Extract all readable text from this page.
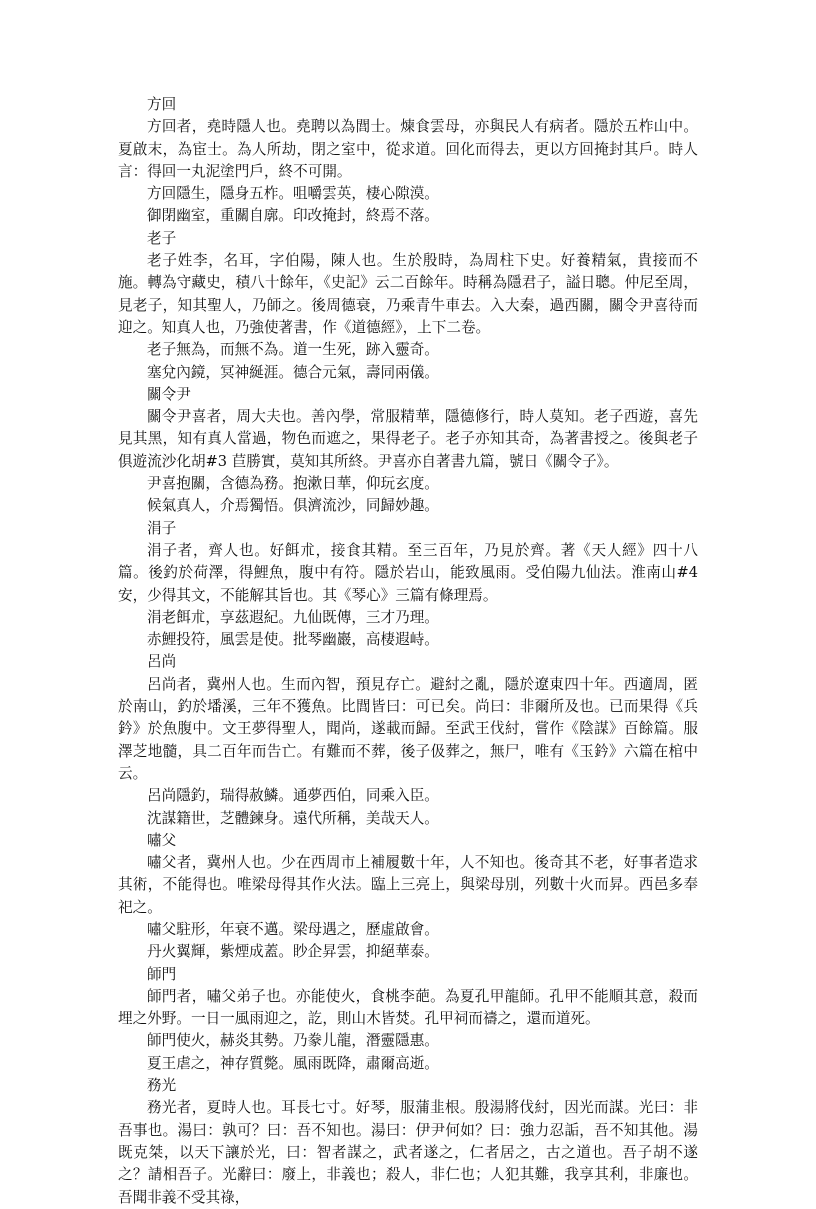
方回

方回者，堯時隱人也。堯聘以為閭士。煉食雲母，亦與民人有病者。隱於五柞山中。夏啟末，為宦士。為人所劫，閉之室中，從求道。回化而得去，更以方回掩封其戶。時人言：得回一丸泥塗門戶，終不可開。

方回隱生，隱身五柞。咀嚼雲英，棲心隙漠。

御閉幽室，重關自廓。印改掩封，終焉不落。

老子

老子姓李，名耳，字伯陽，陳人也。生於殷時，為周柱下史。好養精氣，貴接而不施。轉為守藏史，積八十餘年，《史記》云二百餘年。時稱為隱君子，謚日聰。仲尼至周，見老子，知其聖人，乃師之。後周德衰，乃乘青牛車去。入大秦，過西關，關令尹喜待而迎之。知真人也，乃強使著書，作《道德經》，上下二卷。

老子無為，而無不為。道一生死，跡入靈奇。

塞兌內鏡，冥神綖涯。德合元氣，壽同兩儀。

關令尹

關令尹喜者，周大夫也。善內學，常服精華，隱德修行，時人莫知。老子西遊，喜先見其黑，知有真人當過，物色而遮之，果得老子。老子亦知其奇，為著書授之。後與老子俱遊流沙化胡#3 苣勝實，莫知其所終。尹喜亦自著書九篇，號日《關令子》。

尹喜抱關，含德為務。抱漱日華，仰玩玄度。

候氣真人，介焉獨悟。俱濟流沙，同歸妙趣。

涓子

涓子者，齊人也。好餌朮，接食其精。至三百年，乃見於齊。著《天人經》四十八篇。後釣於荷澤，得鯉魚，腹中有符。隱於岩山，能致風雨。受伯陽九仙法。淮南山#4 安，少得其文，不能解其旨也。其《琴心》三篇有條理焉。

涓老餌朮，享茲遐紀。九仙既傳，三才乃理。

赤鯉投符，風雲是使。批琴幽巖，高棲遐峙。

呂尚

呂尚者，冀州人也。生而內智，預見存亡。避紂之亂，隱於遼東四十年。西適周，匿於南山，釣於墦溪，三年不獲魚。比閭皆曰：可已矣。尚曰：非爾所及也。已而果得《兵鈐》於魚腹中。文王夢得聖人，聞尚，遂載而歸。至武王伐紂，嘗作《陰謀》百餘篇。服澤芝地髓，具二百年而告亡。有難而不葬，後子伋葬之，無尸，唯有《玉鈐》六篇在棺中云。

呂尚隱釣，瑞得赦鱗。通夢西伯，同乘入臣。

沈謀籍世，芝體鍊身。遠代所稱，美哉天人。

嘯父

嘯父者，冀州人也。少在西周市上補履數十年，人不知也。後奇其不老，好事者造求其術，不能得也。唯梁母得其作火法。臨上三亮上，與梁母別，列數十火而昇。西邑多奉祀之。

嘯父駐形，年衰不邁。梁母遇之，歷虛啟會。

丹火翼輝，紫煙成蓋。眇企昇雲，抑絕華泰。

師門

師門者，嘯父弟子也。亦能使火，食桃李葩。為夏孔甲龍師。孔甲不能順其意，殺而埋之外野。一日一風雨迎之，訖，則山木皆焚。孔甲祠而禱之，還而道死。

師門使火，赫炎其勢。乃豢儿龍，潛靈隱惠。

夏王虐之，神存質斃。風雨既降，肅爾高逝。

務光

務光者，夏時人也。耳長七寸。好琴，服蒲韭根。殷湯將伐紂，因光而謀。光曰：非吾事也。湯曰：孰可？曰：吾不知也。湯曰：伊尹何如？曰：強力忍詬，吾不知其他。湯既克桀，以天下讓於光，曰：智者謀之，武者遂之，仁者居之，古之道也。吾子胡不遂之？請相吾子。光辭曰：廢上，非義也；殺人，非仁也；人犯其難，我享其利，非廉也。吾聞非義不受其祿，
